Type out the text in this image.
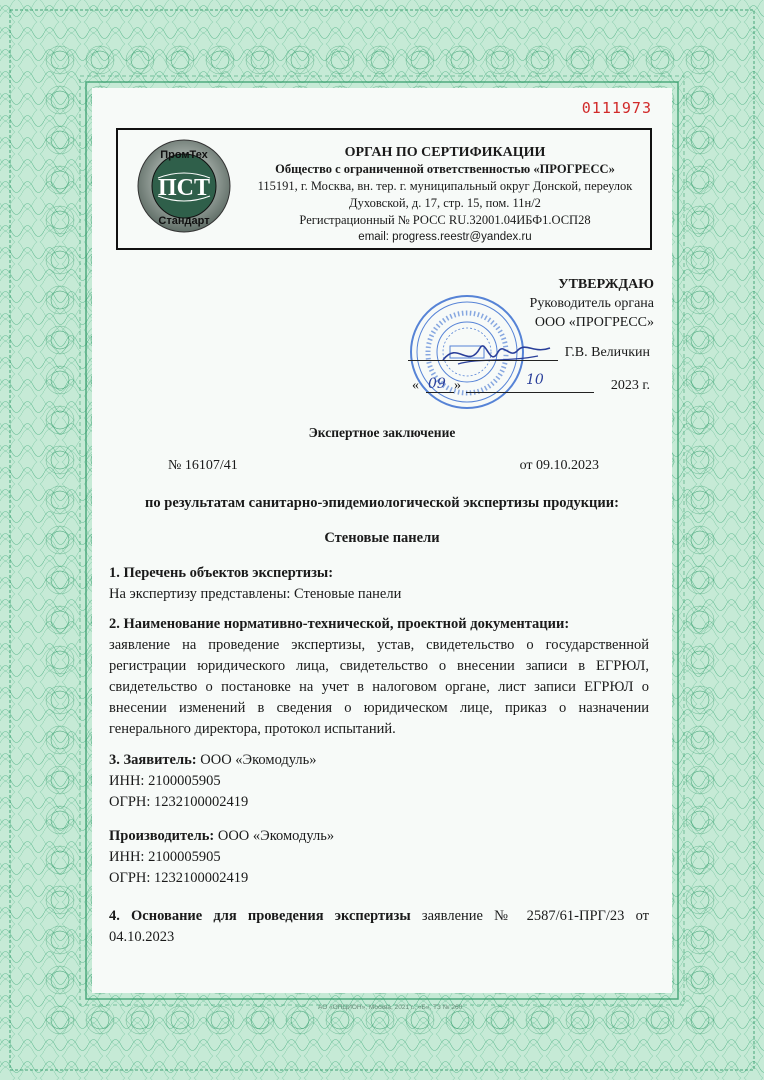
0111973
ПромТех
ПСТ
Стандарт
ОРГАН ПО СЕРТИФИКАЦИИ
Общество с ограниченной ответственностью «ПРОГРЕСС»
115191, г. Москва, вн. тер. г. муниципальный округ Донской, переулок
Духовской, д. 17, стр. 15, пом. 11н/2
Регистрационный № РОСС RU.32001.04ИБФ1.ОСП28
email: progress.reestr@yandex.ru
УТВЕРЖДАЮ
Руководитель органа
ООО «ПРОГРЕСС»
Г.В. Величкин
«	»	2023 г.
09	10
Экспертное заключение
№ 16107/41	от 09.10.2023
по результатам санитарно-эпидемиологической экспертизы продукции:
Стеновые панели
1. Перечень объектов экспертизы:
На экспертизу представлены: Стеновые панели
2. Наименование нормативно-технической, проектной документации:
заявление на проведение экспертизы, устав, свидетельство о государственной регистрации юридического лица, свидетельство о внесении записи в ЕГРЮЛ, свидетельство о постановке на учет в налоговом органе, лист записи ЕГРЮЛ о внесении изменений в сведения о юридическом лице, приказ о назначении генерального директора, протокол испытаний.
3. Заявитель: ООО «Экомодуль»
ИНН: 2100005905
ОГРН: 1232100002419
Производитель: ООО «Экомодуль»
ИНН: 2100005905
ОГРН: 1232100002419
4. Основание для проведения экспертизы заявление № 2587/61-ПРГ/23 от 04.10.2023
АО «ОПЦИОН», Москва, 2021 г., «Б», ТЗ № 260
